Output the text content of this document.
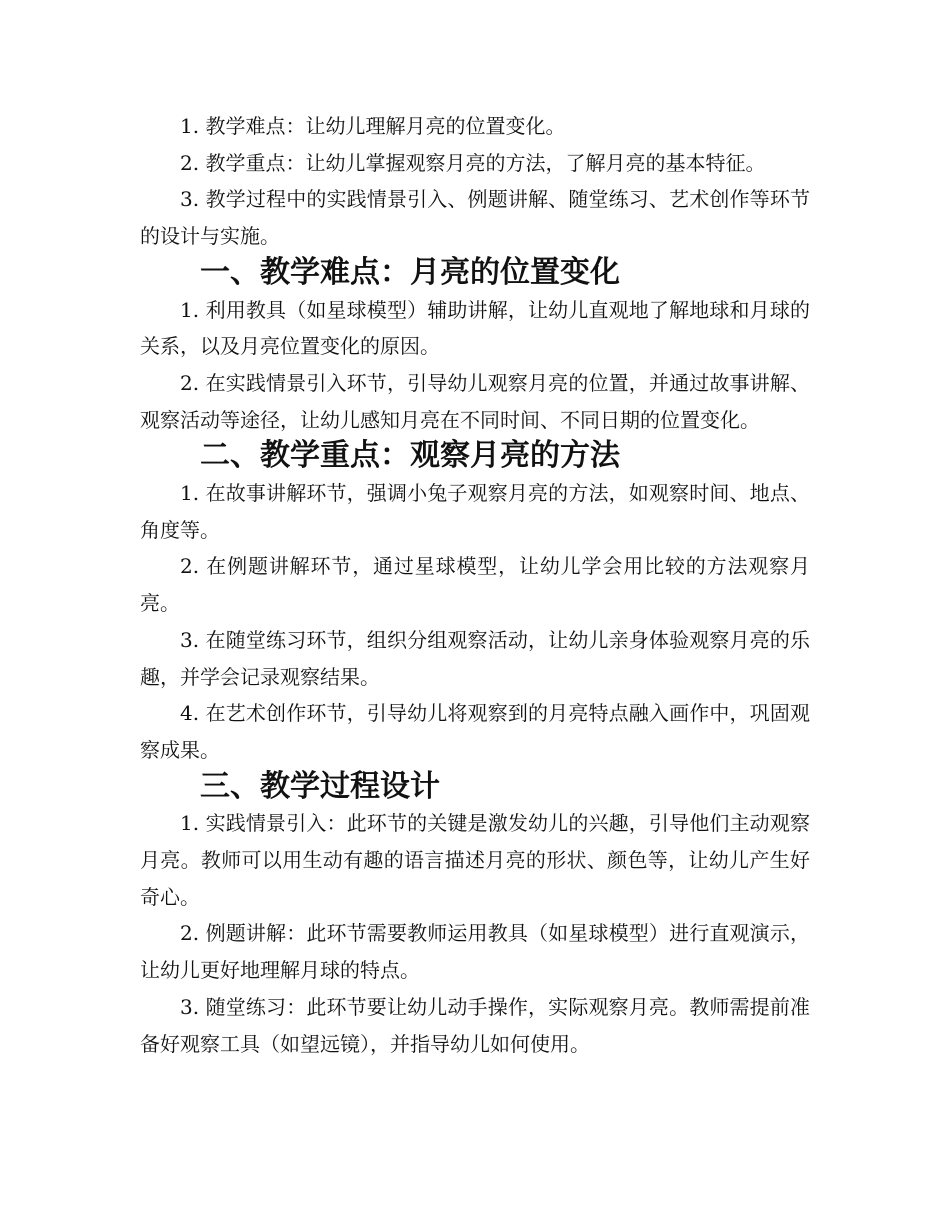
1. 教学难点：让幼儿理解月亮的位置变化。

2. 教学重点：让幼儿掌握观察月亮的方法，了解月亮的基本特征。

3. 教学过程中的实践情景引入、例题讲解、随堂练习、艺术创作等环节的设计与实施。

一、教学难点：月亮的位置变化

1. 利用教具（如星球模型）辅助讲解，让幼儿直观地了解地球和月球的关系，以及月亮位置变化的原因。

2. 在实践情景引入环节，引导幼儿观察月亮的位置，并通过故事讲解、观察活动等途径，让幼儿感知月亮在不同时间、不同日期的位置变化。

二、教学重点：观察月亮的方法

1. 在故事讲解环节，强调小兔子观察月亮的方法，如观察时间、地点、角度等。

2. 在例题讲解环节，通过星球模型，让幼儿学会用比较的方法观察月亮。

3. 在随堂练习环节，组织分组观察活动，让幼儿亲身体验观察月亮的乐趣，并学会记录观察结果。

4. 在艺术创作环节，引导幼儿将观察到的月亮特点融入画作中，巩固观察成果。

三、教学过程设计

1. 实践情景引入：此环节的关键是激发幼儿的兴趣，引导他们主动观察月亮。教师可以用生动有趣的语言描述月亮的形状、颜色等，让幼儿产生好奇心。

2. 例题讲解：此环节需要教师运用教具（如星球模型）进行直观演示，让幼儿更好地理解月球的特点。

3. 随堂练习：此环节要让幼儿动手操作，实际观察月亮。教师需提前准备好观察工具（如望远镜），并指导幼儿如何使用。
